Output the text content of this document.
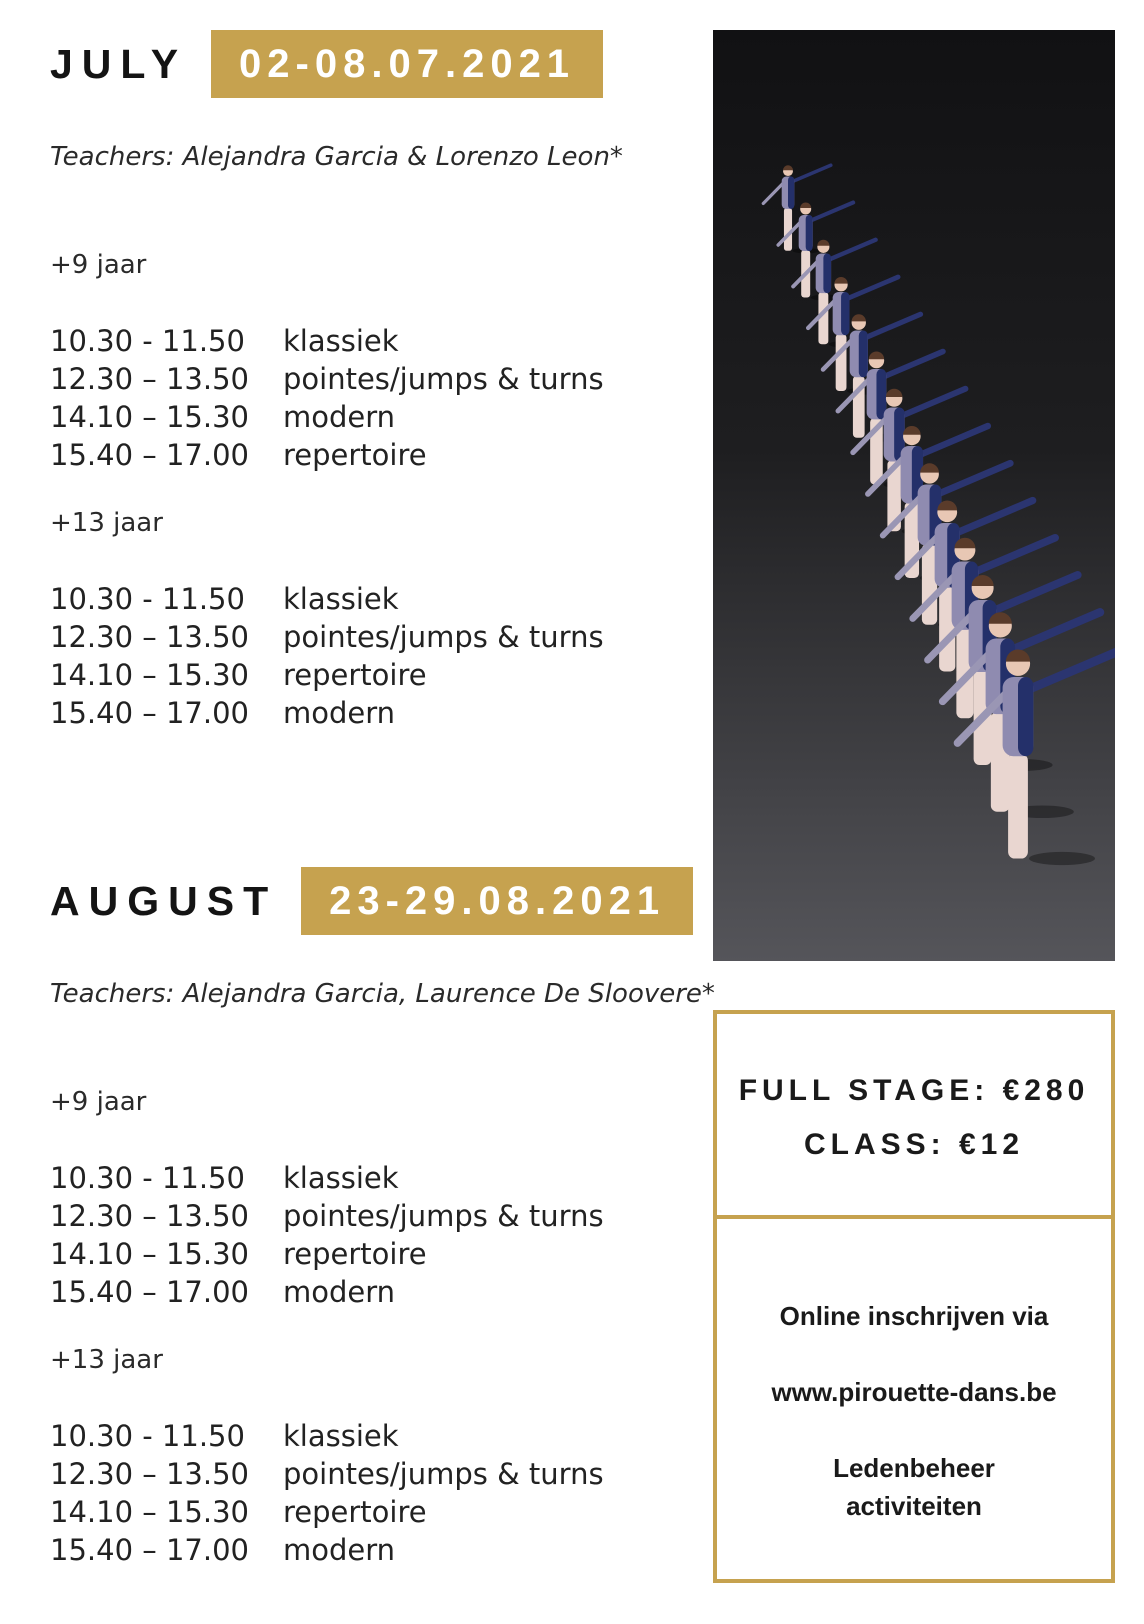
JULY	02-08.07.2021
Teachers: Alejandra Garcia & Lorenzo Leon*
+9 jaar
10.30 - 11.50	klassiek
12.30 – 13.50	pointes/jumps & turns
14.10 – 15.30	modern
15.40 – 17.00	repertoire
+13 jaar
10.30 - 11.50	klassiek
12.30 – 13.50	pointes/jumps & turns
14.10 – 15.30	repertoire
15.40 – 17.00	modern
AUGUST	23-29.08.2021
Teachers: Alejandra Garcia, Laurence De Sloovere*
+9 jaar
10.30 - 11.50	klassiek
12.30 – 13.50	pointes/jumps & turns
14.10 – 15.30	repertoire
15.40 – 17.00	modern
+13 jaar
10.30 - 11.50	klassiek
12.30 – 13.50	pointes/jumps & turns
14.10 – 15.30	repertoire
15.40 – 17.00	modern
FULL STAGE: €280
CLASS: €12
Online inschrijven via
www.pirouette-dans.be
Ledenbeheer
activiteiten
